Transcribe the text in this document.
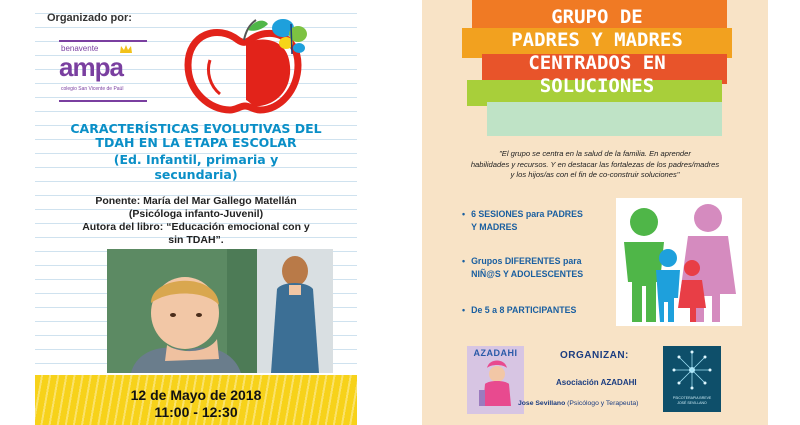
Organizado por:
benavente
ampa
colegio San Vicente de Paúl
CARACTERÍSTICAS EVOLUTIVAS DEL
TDAH EN LA ETAPA ESCOLAR
(Ed. Infantil, primaria y
secundaria)
Ponente: María del Mar Gallego Matellán
(Psicóloga infanto-Juvenil)
Autora del libro: “Educación emocional con y
sin TDAH”.
12 de Mayo de 2018
11:00 - 12:30
GRUPO DE
PADRES Y MADRES
CENTRADOS EN
SOLUCIONES
"El grupo se centra en la salud de la familia. En aprender
habilidades y recursos. Y en destacar las fortalezas de los padres/madres
y los hijos/as con el fin de co-construir soluciones"
• 6 SESIONES para PADRES
Y MADRES
• Grupos DIFERENTES para
NIÑ@S Y ADOLESCENTES
• De 5 a 8 PARTICIPANTES
AZADAHI	ORGANIZAN:
Asociación AZADAHI
Jose Sevillano (Psicólogo y Terapeuta)
PSICOTERAPIA BREVE
JOSÉ SEVILLANO
